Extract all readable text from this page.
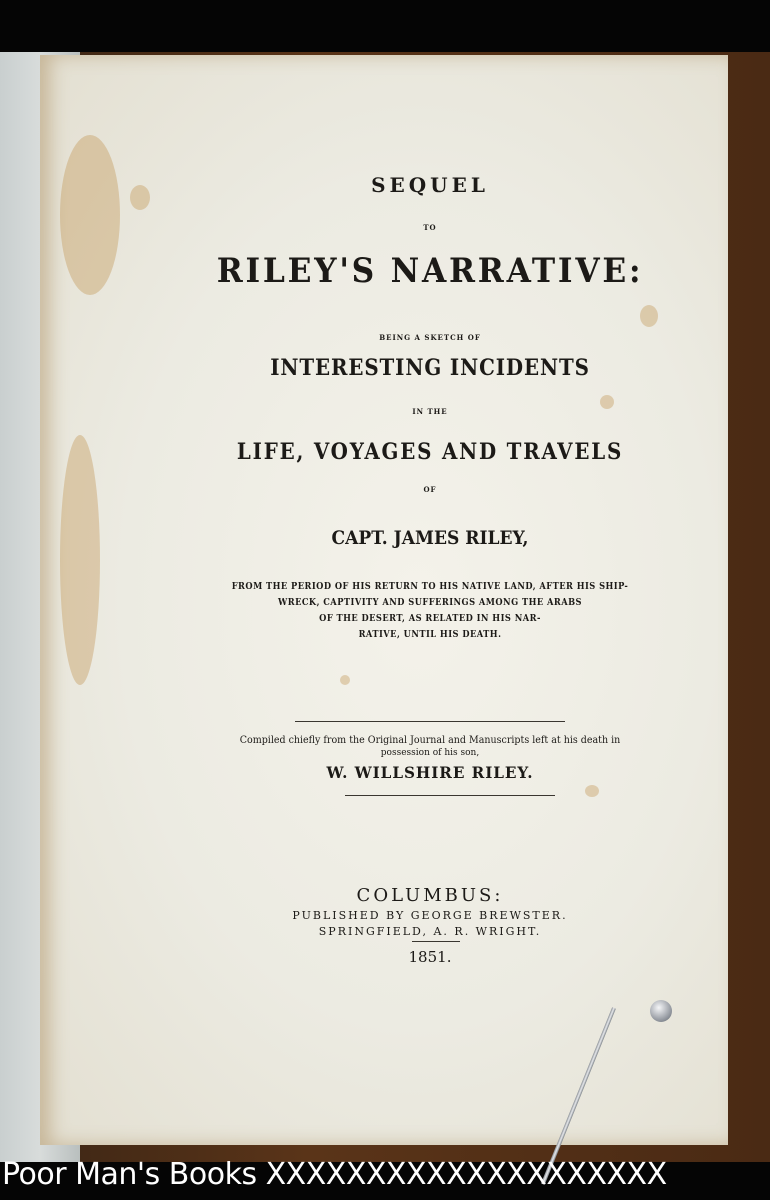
SEQUEL
TO
RILEY'S NARRATIVE:
BEING A SKETCH OF
INTERESTING INCIDENTS
IN THE
LIFE, VOYAGES AND TRAVELS
OF
CAPT. JAMES RILEY,
FROM THE PERIOD OF HIS RETURN TO HIS NATIVE LAND, AFTER HIS SHIP-
WRECK, CAPTIVITY AND SUFFERINGS AMONG THE ARABS
OF THE DESERT, AS RELATED IN HIS NAR-
RATIVE, UNTIL HIS DEATH.
Compiled chiefly from the Original Journal and Manuscripts left at his death in
possession of his son,
W. WILLSHIRE RILEY.
COLUMBUS:
PUBLISHED BY GEORGE BREWSTER.
SPRINGFIELD, A. R. WRIGHT.
1851.
Poor Man's Books XXXXXXXXXXXXXXXXXXXX
